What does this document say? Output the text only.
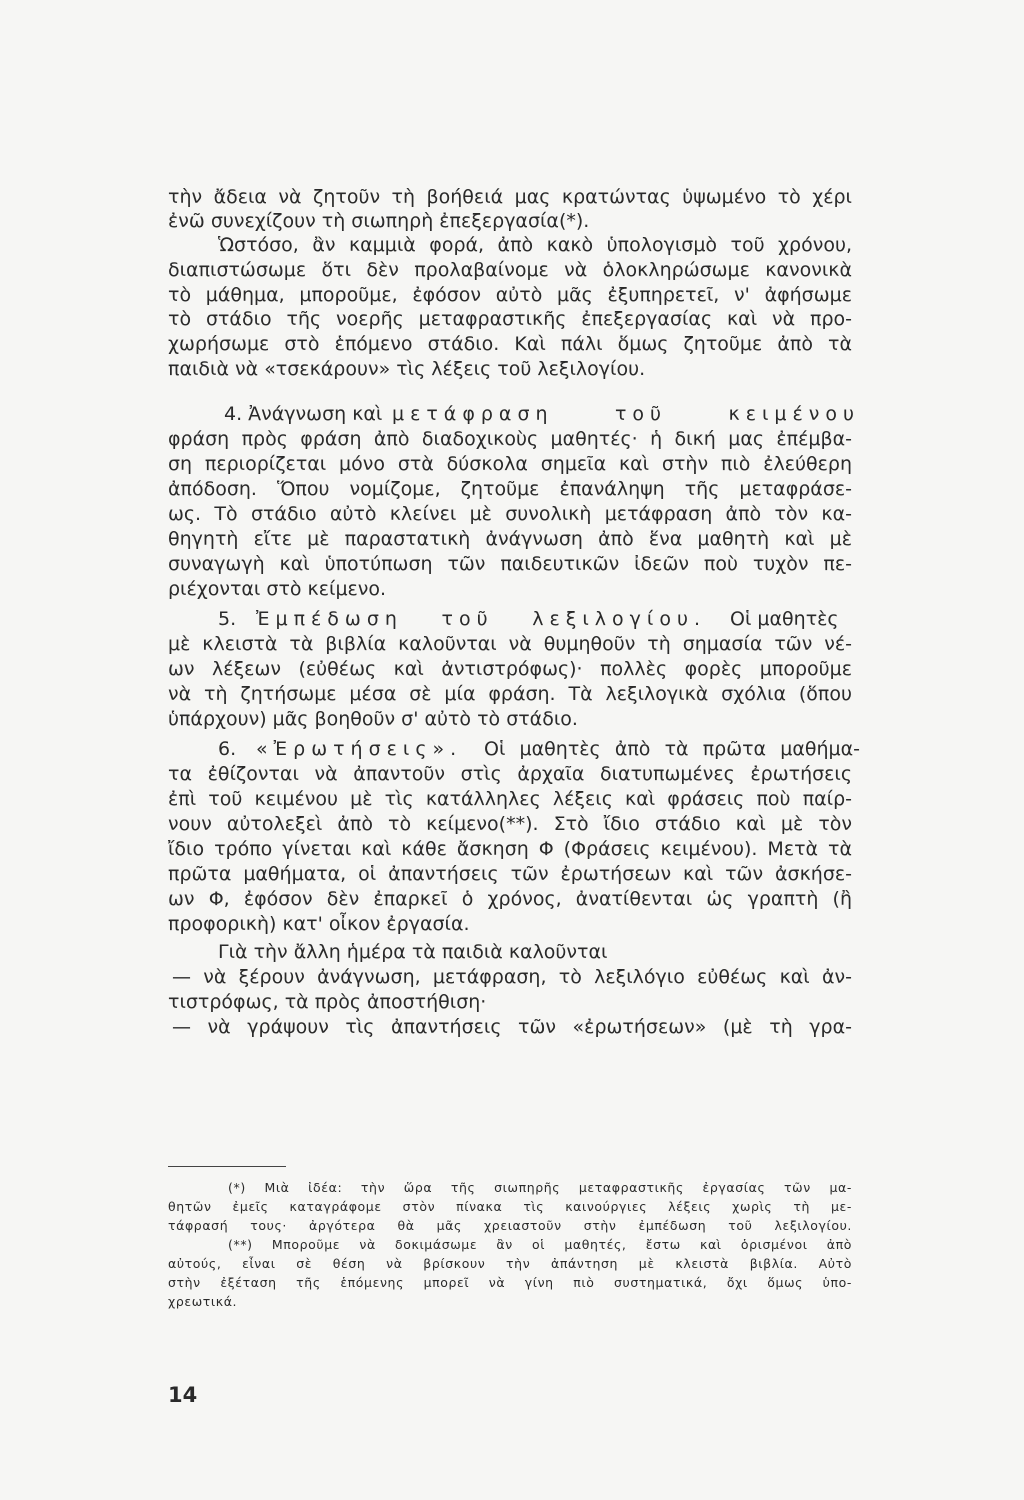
τὴν ἄδεια νὰ ζητοῦν τὴ βοήθειά μας κρατώντας ὑψωμένο τὸ χέρι
ἐνῶ συνεχίζουν τὴ σιωπηρὴ ἐπεξεργασία(*).
Ὡστόσο, ἂν καμμιὰ φορά, ἀπὸ κακὸ ὑπολογισμὸ τοῦ χρόνου,
διαπιστώσωμε ὅτι δὲν προλαβαίνομε νὰ ὁλοκληρώσωμε κανονικὰ
τὸ μάθημα, μποροῦμε, ἐφόσον αὐτὸ μᾶς ἐξυπηρετεῖ, ν' ἀφήσωμε
τὸ στάδιο τῆς νοερῆς μεταφραστικῆς ἐπεξεργασίας καὶ νὰ προ-
χωρήσωμε στὸ ἑπόμενο στάδιο. Καὶ πάλι ὅμως ζητοῦμε ἀπὸ τὰ
παιδιὰ νὰ «τσεκάρουν» τὶς λέξεις τοῦ λεξιλογίου.
4. Ἀνάγνωση καὶ μετάφραση τοῦ κειμένου
φράση πρὸς φράση ἀπὸ διαδοχικοὺς μαθητές· ἡ δική μας ἐπέμβα-
ση περιορίζεται μόνο στὰ δύσκολα σημεῖα καὶ στὴν πιὸ ἐλεύθερη
ἀπόδοση. Ὅπου νομίζομε, ζητοῦμε ἐπανάληψη τῆς μεταφράσε-
ως. Τὸ στάδιο αὐτὸ κλείνει μὲ συνολικὴ μετάφραση ἀπὸ τὸν κα-
θηγητὴ εἴτε μὲ παραστατικὴ ἀνάγνωση ἀπὸ ἕνα μαθητὴ καὶ μὲ
συναγωγὴ καὶ ὑποτύπωση τῶν παιδευτικῶν ἰδεῶν ποὺ τυχὸν πε-
ριέχονται στὸ κείμενο.
5.	Ἐμπέδωση τοῦ λεξιλογίου. Οἱ μαθητὲς
μὲ κλειστὰ τὰ βιβλία καλοῦνται νὰ θυμηθοῦν τὴ σημασία τῶν νέ-
ων λέξεων (εὐθέως καὶ ἀντιστρόφως)· πολλὲς φορὲς μποροῦμε
νὰ τὴ ζητήσωμε μέσα σὲ μία φράση. Τὰ λεξιλογικὰ σχόλια (ὅπου
ὑπάρχουν) μᾶς βοηθοῦν σ' αὐτὸ τὸ στάδιο.
6.	«Ἐρωτήσεις». Οἱ μαθητὲς ἀπὸ τὰ πρῶτα μαθήμα-
τα ἐθίζονται νὰ ἀπαντοῦν στὶς ἀρχαῖα διατυπωμένες ἐρωτήσεις
ἐπὶ τοῦ κειμένου μὲ τὶς κατάλληλες λέξεις καὶ φράσεις ποὺ παίρ-
νουν αὐτολεξεὶ ἀπὸ τὸ κείμενο(**). Στὸ ἴδιο στάδιο καὶ μὲ τὸν
ἴδιο τρόπο γίνεται καὶ κάθε ἄσκηση Φ (Φράσεις κειμένου). Μετὰ τὰ
πρῶτα μαθήματα, οἱ ἀπαντήσεις τῶν ἐρωτήσεων καὶ τῶν ἀσκήσε-
ων Φ, ἐφόσον δὲν ἐπαρκεῖ ὁ χρόνος, ἀνατίθενται ὡς γραπτὴ (ἢ
προφορικὴ) κατ' οἶκον ἐργασία.
Γιὰ τὴν ἄλλη ἡμέρα τὰ παιδιὰ καλοῦνται
— νὰ ξέρουν ἀνάγνωση, μετάφραση, τὸ λεξιλόγιο εὐθέως καὶ ἀν-
τιστρόφως, τὰ πρὸς ἀποστήθιση·
— νὰ γράψουν τὶς ἀπαντήσεις τῶν «ἐρωτήσεων» (μὲ τὴ γρα-
(*) Μιὰ ἰδέα: τὴν ὥρα τῆς σιωπηρῆς μεταφραστικῆς ἐργασίας τῶν μα-
θητῶν ἐμεῖς καταγράφομε στὸν πίνακα τὶς καινούργιες λέξεις χωρὶς τὴ με-
τάφρασή τους· ἀργότερα θὰ μᾶς χρειαστοῦν στὴν ἐμπέδωση τοῦ λεξιλογίου.
(**) Μποροῦμε νὰ δοκιμάσωμε ἂν οἱ μαθητές, ἔστω καὶ ὁρισμένοι ἀπὸ
αὐτούς, εἶναι σὲ θέση νὰ βρίσκουν τὴν ἀπάντηση μὲ κλειστὰ βιβλία. Αὐτὸ
στὴν ἐξέταση τῆς ἑπόμενης μπορεῖ νὰ γίνη πιὸ συστηματικά, ὄχι ὅμως ὑπο-
χρεωτικά.
14
